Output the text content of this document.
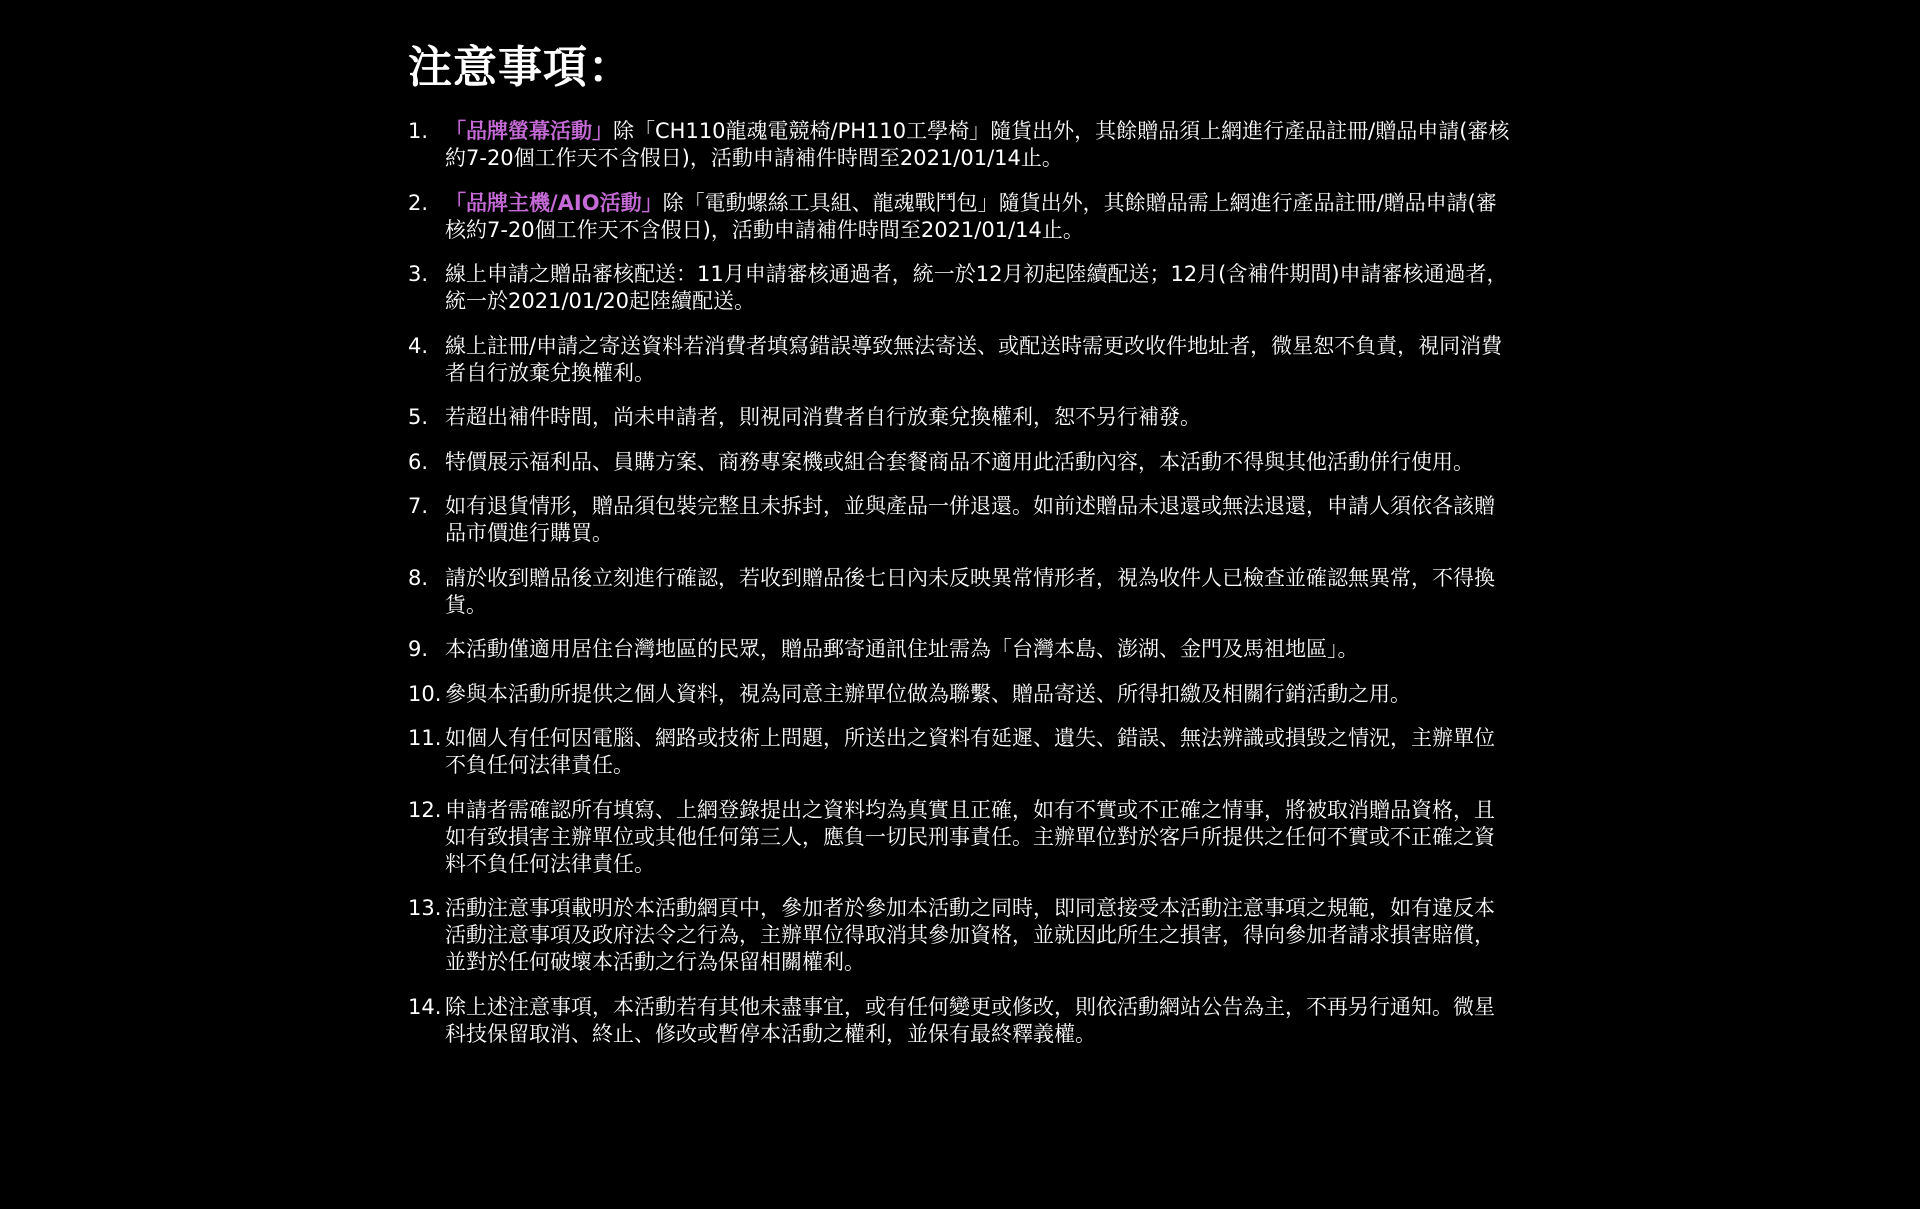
注意事項：
1. 「品牌螢幕活動」除「CH110龍魂電競椅/PH110工學椅」隨貨出外，其餘贈品須上網進行產品註冊/贈品申請(審核約7-20個工作天不含假日)，活動申請補件時間至2021/01/14止。
2. 「品牌主機/AIO活動」除「電動螺絲工具組、龍魂戰鬥包」隨貨出外，其餘贈品需上網進行產品註冊/贈品申請(審核約7-20個工作天不含假日)，活動申請補件時間至2021/01/14止。
3. 線上申請之贈品審核配送：11月申請審核通過者，統一於12月初起陸續配送；12月(含補件期間)申請審核通過者，統一於2021/01/20起陸續配送。
4. 線上註冊/申請之寄送資料若消費者填寫錯誤導致無法寄送、或配送時需更改收件地址者，微星恕不負責，視同消費者自行放棄兌換權利。
5. 若超出補件時間，尚未申請者，則視同消費者自行放棄兌換權利，恕不另行補發。
6. 特價展示福利品、員購方案、商務專案機或組合套餐商品不適用此活動內容，本活動不得與其他活動併行使用。
7. 如有退貨情形，贈品須包裝完整且未拆封，並與產品一併退還。如前述贈品未退還或無法退還，申請人須依各該贈品市價進行購買。
8. 請於收到贈品後立刻進行確認，若收到贈品後七日內未反映異常情形者，視為收件人已檢查並確認無異常，不得換貨。
9. 本活動僅適用居住台灣地區的民眾，贈品郵寄通訊住址需為「台灣本島、澎湖、金門及馬祖地區」。
10. 參與本活動所提供之個人資料，視為同意主辦單位做為聯繫、贈品寄送、所得扣繳及相關行銷活動之用。
11. 如個人有任何因電腦、網路或技術上問題，所送出之資料有延遲、遺失、錯誤、無法辨識或損毀之情況，主辦單位不負任何法律責任。
12. 申請者需確認所有填寫、上網登錄提出之資料均為真實且正確，如有不實或不正確之情事，將被取消贈品資格，且如有致損害主辦單位或其他任何第三人，應負一切民刑事責任。主辦單位對於客戶所提供之任何不實或不正確之資料不負任何法律責任。
13. 活動注意事項載明於本活動網頁中，參加者於參加本活動之同時，即同意接受本活動注意事項之規範，如有違反本活動注意事項及政府法令之行為，主辦單位得取消其參加資格，並就因此所生之損害，得向參加者請求損害賠償，並對於任何破壞本活動之行為保留相關權利。
14. 除上述注意事項，本活動若有其他未盡事宜，或有任何變更或修改，則依活動網站公告為主，不再另行通知。微星科技保留取消、終止、修改或暫停本活動之權利，並保有最終釋義權。
